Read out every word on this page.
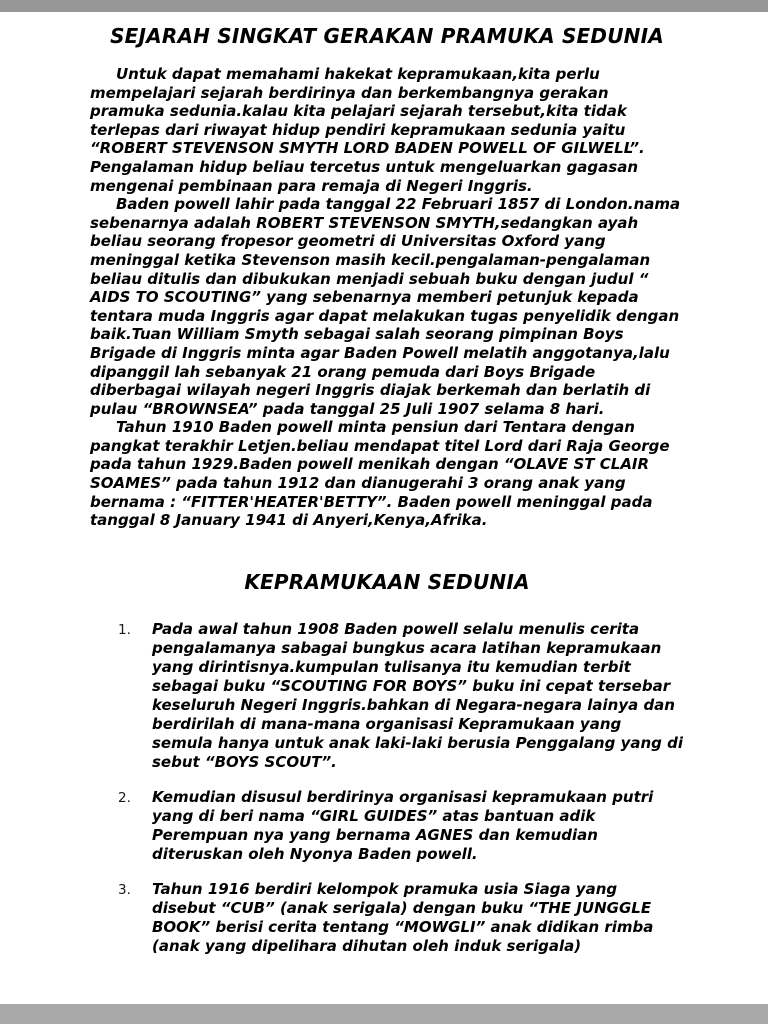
SEJARAH SINGKAT GERAKAN PRAMUKA SEDUNIA

Untuk dapat memahami hakekat kepramukaan,kita perlu mempelajari sejarah berdirinya dan berkembangnya gerakan pramuka sedunia.kalau kita pelajari sejarah tersebut,kita tidak terlepas dari riwayat hidup pendiri kepramukaan sedunia yaitu “ROBERT STEVENSON SMYTH LORD BADEN POWELL OF GILWELL”. Pengalaman hidup beliau tercetus untuk mengeluarkan gagasan mengenai pembinaan para remaja di Negeri Inggris.

Baden powell lahir pada tanggal 22 Februari 1857 di London.nama sebenarnya adalah ROBERT STEVENSON SMYTH,sedangkan ayah beliau seorang fropesor geometri di Universitas Oxford yang meninggal ketika Stevenson masih kecil.pengalaman-pengalaman beliau ditulis dan dibukukan menjadi sebuah buku dengan judul “ AIDS TO SCOUTING” yang sebenarnya memberi petunjuk kepada tentara muda Inggris agar dapat melakukan tugas penyelidik dengan baik.Tuan William Smyth sebagai salah seorang pimpinan Boys Brigade di Inggris minta agar Baden Powell melatih anggotanya,lalu dipanggil lah sebanyak 21 orang pemuda dari Boys Brigade diberbagai wilayah negeri Inggris diajak berkemah dan berlatih di pulau “BROWNSEA” pada tanggal 25 Juli 1907 selama 8 hari.

Tahun 1910 Baden powell minta pensiun dari Tentara dengan pangkat terakhir Letjen.beliau mendapat titel Lord dari Raja George pada tahun 1929.Baden powell menikah dengan “OLAVE ST CLAIR SOAMES” pada tahun 1912 dan dianugerahi 3 orang anak yang bernama : “FITTER'HEATER'BETTY”. Baden powell meninggal pada tanggal 8 January 1941 di Anyeri,Kenya,Afrika.

KEPRAMUKAAN SEDUNIA
1.	Pada awal tahun 1908 Baden powell selalu menulis cerita pengalamanya sabagai bungkus acara latihan kepramukaan yang dirintisnya.kumpulan tulisanya itu kemudian terbit sebagai buku “SCOUTING FOR BOYS” buku ini cepat tersebar keseluruh Negeri Inggris.bahkan di Negara-negara lainya dan berdirilah di mana-mana organisasi Kepramukaan yang semula hanya untuk anak laki-laki berusia Penggalang yang di sebut “BOYS SCOUT”.
2.	Kemudian disusul berdirinya organisasi kepramukaan putri yang di beri nama “GIRL GUIDES” atas bantuan adik Perempuan nya yang bernama AGNES dan kemudian diteruskan oleh Nyonya Baden powell.
3.	Tahun 1916 berdiri kelompok pramuka usia Siaga yang disebut “CUB” (anak serigala) dengan buku “THE JUNGGLE BOOK” berisi cerita tentang “MOWGLI” anak didikan rimba (anak yang dipelihara dihutan oleh induk serigala)
